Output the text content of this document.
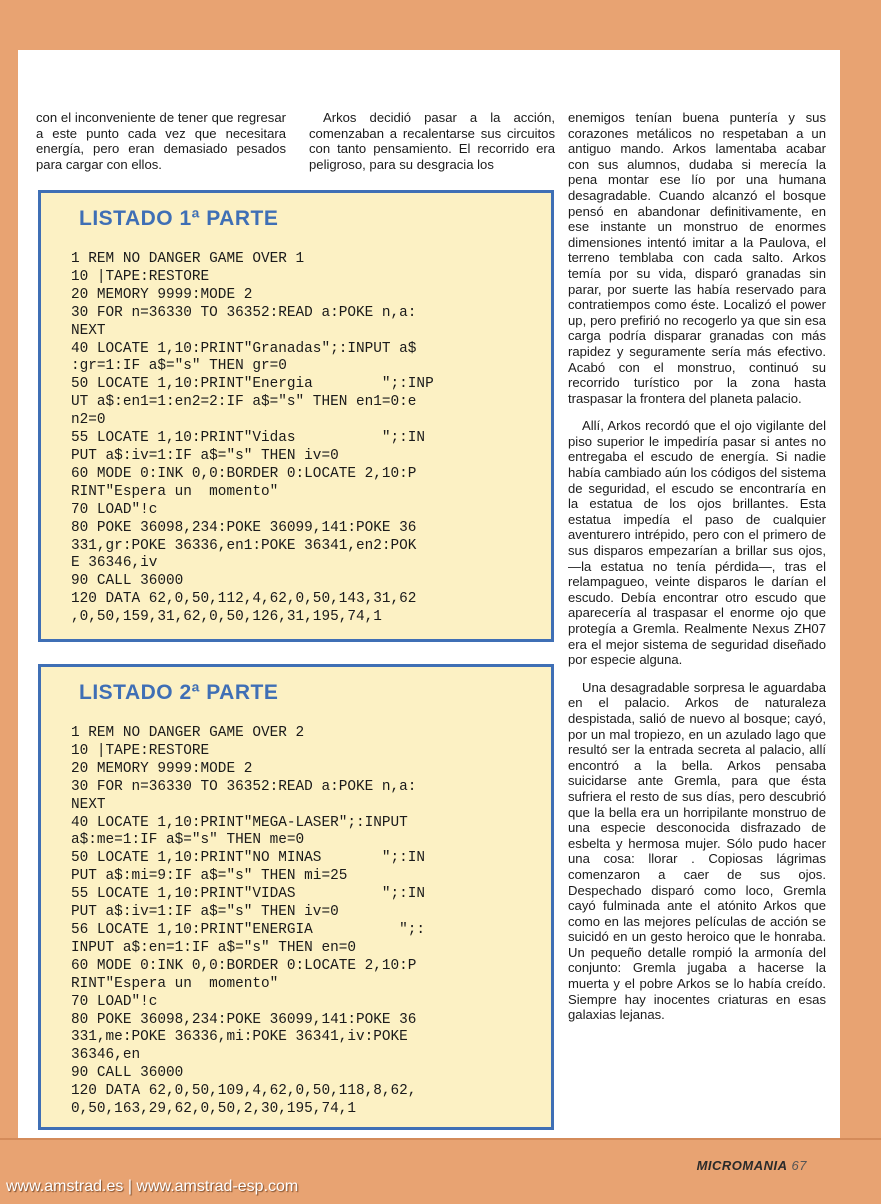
con el inconveniente de tener que regresar a este punto cada vez que necesitara energía, pero eran demasiado pesados para cargar con ellos.

Arkos decidió pasar a la acción, comenzaban a recalentarse sus circuitos con tanto pensamiento. El recorrido era peligroso, para su desgracia los

LISTADO 1ª PARTE
1 REM NO DANGER GAME OVER 1
10 |TAPE:RESTORE
20 MEMORY 9999:MODE 2
30 FOR n=36330 TO 36352:READ a:POKE n,a:
NEXT
40 LOCATE 1,10:PRINT"Granadas";:INPUT a$
:gr=1:IF a$="s" THEN gr=0
50 LOCATE 1,10:PRINT"Energia        ";:INP
UT a$:en1=1:en2=2:IF a$="s" THEN en1=0:e
n2=0
55 LOCATE 1,10:PRINT"Vidas          ";:IN
PUT a$:iv=1:IF a$="s" THEN iv=0
60 MODE 0:INK 0,0:BORDER 0:LOCATE 2,10:P
RINT"Espera un  momento"
70 LOAD"!c
80 POKE 36098,234:POKE 36099,141:POKE 36
331,gr:POKE 36336,en1:POKE 36341,en2:POK
E 36346,iv
90 CALL 36000
120 DATA 62,0,50,112,4,62,0,50,143,31,62
,0,50,159,31,62,0,50,126,31,195,74,1
LISTADO 2ª PARTE
1 REM NO DANGER GAME OVER 2
10 |TAPE:RESTORE
20 MEMORY 9999:MODE 2
30 FOR n=36330 TO 36352:READ a:POKE n,a:
NEXT
40 LOCATE 1,10:PRINT"MEGA-LASER";:INPUT
a$:me=1:IF a$="s" THEN me=0
50 LOCATE 1,10:PRINT"NO MINAS       ";:IN
PUT a$:mi=9:IF a$="s" THEN mi=25
55 LOCATE 1,10:PRINT"VIDAS          ";:IN
PUT a$:iv=1:IF a$="s" THEN iv=0
56 LOCATE 1,10:PRINT"ENERGIA          ";:
INPUT a$:en=1:IF a$="s" THEN en=0
60 MODE 0:INK 0,0:BORDER 0:LOCATE 2,10:P
RINT"Espera un  momento"
70 LOAD"!c
80 POKE 36098,234:POKE 36099,141:POKE 36
331,me:POKE 36336,mi:POKE 36341,iv:POKE
36346,en
90 CALL 36000
120 DATA 62,0,50,109,4,62,0,50,118,8,62,
0,50,163,29,62,0,50,2,30,195,74,1

enemigos tenían buena puntería y sus corazones metálicos no respetaban a un antiguo mando. Arkos lamentaba acabar con sus alumnos, dudaba si merecía la pena montar ese lío por una humana desagradable. Cuando alcanzó el bosque pensó en abandonar definitivamente, en ese instante un monstruo de enormes dimensiones intentó imitar a la Paulova, el terreno temblaba con cada salto. Arkos temía por su vida, disparó granadas sin parar, por suerte las había reservado para contratiempos como éste. Localizó el power up, pero prefirió no recogerlo ya que sin esa carga podría disparar granadas con más rapidez y seguramente sería más efectivo. Acabó con el monstruo, continuó su recorrido turístico por la zona hasta traspasar la frontera del planeta palacio.

Allí, Arkos recordó que el ojo vigilante del piso superior le impediría pasar si antes no entregaba el escudo de energía. Si nadie había cambiado aún los códigos del sistema de seguridad, el escudo se encontraría en la estatua de los ojos brillantes. Esta estatua impedía el paso de cualquier aventurero intrépido, pero con el primero de sus disparos empezarían a brillar sus ojos, —la estatua no tenía pérdida—, tras el relampagueo, veinte disparos le darían el escudo. Debía encontrar otro escudo que aparecería al traspasar el enorme ojo que protegía a Gremla. Realmente Nexus ZH07 era el mejor sistema de seguridad diseñado por especie alguna.

Una desagradable sorpresa le aguardaba en el palacio. Arkos de naturaleza despistada, salió de nuevo al bosque; cayó, por un mal tropiezo, en un azulado lago que resultó ser la entrada secreta al palacio, allí encontró a la bella. Arkos pensaba suicidarse ante Gremla, para que ésta sufriera el resto de sus días, pero descubrió que la bella era un horripilante monstruo de una especie desconocida disfrazado de esbelta y hermosa mujer. Sólo pudo hacer una cosa: llorar . Copiosas lágrimas comenzaron a caer de sus ojos. Despechado disparó como loco, Gremla cayó fulminada ante el atónito Arkos que como en las mejores películas de acción se suicidó en un gesto heroico que le honraba. Un pequeño detalle rompió la armonía del conjunto: Gremla jugaba a hacerse la muerta y el pobre Arkos se lo había creído. Siempre hay inocentes criaturas en esas galaxias lejanas.

MICROMANIA 67
www.amstrad.es | www.amstrad-esp.com
